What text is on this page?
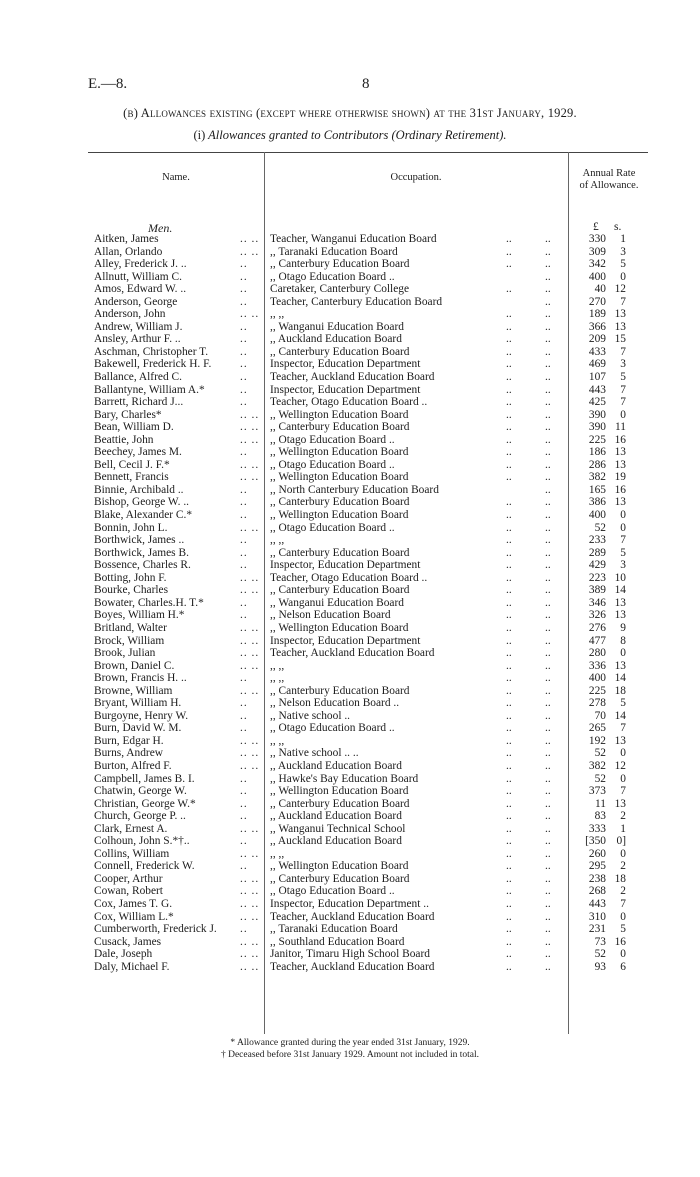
E.—8.	8
(b) Allowances existing (except where otherwise shown) at the 31st January, 1929.
(i) Allowances granted to Contributors (Ordinary Retirement).
Name.	Occupation.	Annual Rate
of Allowance.
Men.	£ s.
Aitken, James	.. .. Teacher, Wanganui Education Board	..	..	330	1
Allan, Orlando	.. .. ,, Taranaki Education Board	..	..	309	3
Alley, Frederick J. ..	.. ,, Canterbury Education Board	..	..	342	5
Allnutt, William C.	.. ,, Otago Education Board ..	..	400	0
Amos, Edward W. ..	.. Caretaker, Canterbury College	..	..	40 12
Anderson, George	.. Teacher, Canterbury Education Board	..	270	7
Anderson, John	.. .. ,, ,,	..	..	189 13
Andrew, William J.	.. ,, Wanganui Education Board	..	..	366 13
Ansley, Arthur F. ..	.. ,, Auckland Education Board	..	..	209 15
Aschman, Christopher T.	.. ,, Canterbury Education Board	..	..	433	7
Bakewell, Frederick H. F.	.. Inspector, Education Department	..	..	469	3
Ballance, Alfred C.	.. Teacher, Auckland Education Board	..	..	107	5
Ballantyne, William A.*	.. Inspector, Education Department	..	..	443	7
Barrett, Richard J...	.. Teacher, Otago Education Board ..	..	..	425	7
Bary, Charles*	.. .. ,, Wellington Education Board	..	..	390	0
Bean, William D.	.. .. ,, Canterbury Education Board	..	..	390 11
Beattie, John	.. .. ,, Otago Education Board ..	..	..	225 16
Beechey, James M.	.. ,, Wellington Education Board	..	..	186 13
Bell, Cecil J. F.*	.. .. ,, Otago Education Board ..	..	..	286 13
Bennett, Francis	.. .. ,, Wellington Education Board	..	..	382 19
Binnie, Archibald ..	.. ,, North Canterbury Education Board	..	165 16
Bishop, George W. ..	.. ,, Canterbury Education Board	..	..	386 13
Blake, Alexander C.*	.. ,, Wellington Education Board	..	..	400	0
Bonnin, John L.	.. .. ,, Otago Education Board ..	..	..	52	0
Borthwick, James ..	.. ,, ,,	..	..	233	7
Borthwick, James B.	.. ,, Canterbury Education Board	..	..	289	5
Bossence, Charles R.	.. Inspector, Education Department	..	..	429	3
Botting, John F.	.. .. Teacher, Otago Education Board ..	..	..	223 10
Bourke, Charles	.. .. ,, Canterbury Education Board	..	..	389 14
Bowater, Charles.H. T.*	.. ,, Wanganui Education Board	..	..	346 13
Boyes, William H.*	.. ,, Nelson Education Board	..	..	326 13
Britland, Walter	.. .. ,, Wellington Education Board	..	..	276	9
Brock, William	.. .. Inspector, Education Department	..	..	477	8
Brook, Julian	.. .. Teacher, Auckland Education Board	..	..	280	0
Brown, Daniel C.	.. .. ,, ,,	..	..	336 13
Brown, Francis H. ..	.. ,, ,,	..	..	400 14
Browne, William	.. .. ,, Canterbury Education Board	..	..	225 18
Bryant, William H.	.. ,, Nelson Education Board ..	..	..	278	5
Burgoyne, Henry W.	.. ,, Native school ..	..	..	70 14
Burn, David W. M.	.. ,, Otago Education Board ..	..	..	265	7
Burn, Edgar H.	.. .. ,, ,,	..	..	192 13
Burns, Andrew	.. .. ,, Native school .. ..	..	..	52	0
Burton, Alfred F.	.. .. ,, Auckland Education Board	..	..	382 12
Campbell, James B. I.	.. ,, Hawke's Bay Education Board	..	..	52	0
Chatwin, George W.	.. ,, Wellington Education Board	..	..	373	7
Christian, George W.*	.. ,, Canterbury Education Board	..	..	11 13
Church, George P. ..	.. ,, Auckland Education Board	..	..	83	2
Clark, Ernest A.	.. .. ,, Wanganui Technical School	..	..	333	1
Colhoun, John S.*†..	.. ,, Auckland Education Board	..	..	[350 0]
Collins, William	.. .. ,, ,,	..	..	260	0
Connell, Frederick W.	.. ,, Wellington Education Board	..	..	295	2
Cooper, Arthur	.. .. ,, Canterbury Education Board	..	..	238 18
Cowan, Robert	.. .. ,, Otago Education Board ..	..	..	268	2
Cox, James T. G.	.. .. Inspector, Education Department ..	..	..	443	7
Cox, William L.*	.. .. Teacher, Auckland Education Board	..	..	310	0
Cumberworth, Frederick J. .. ,, Taranaki Education Board	..	..	231	5
Cusack, James	.. .. ,, Southland Education Board	..	..	73 16
Dale, Joseph	.. .. Janitor, Timaru High School Board	..	..	52	0
Daly, Michael F.	.. .. Teacher, Auckland Education Board	..	..	93	6
* Allowance granted during the year ended 31st January, 1929.
† Deceased before 31st January 1929. Amount not included in total.
